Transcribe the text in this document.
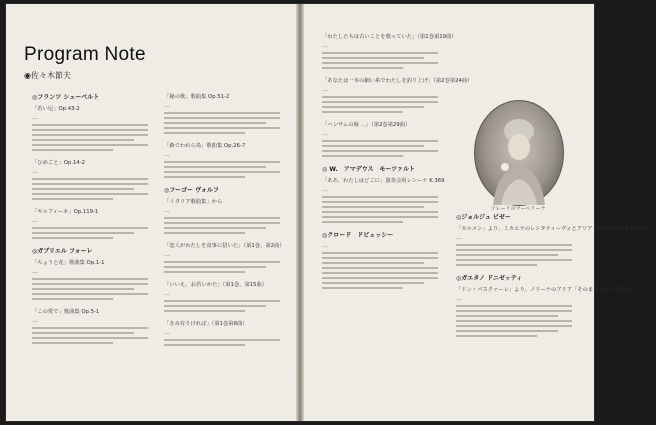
Program Note
◉佐々木節夫

◎フランツ シューベルト

「若い尼」Op.43-2

…

「ひめごと」Op.14-2

…

「ギルフィーネ」Op.119-1

…

◎ガブリエル フォーレ

「ちょうと花」歌曲集 Op.1-1

…

「この愛で」歌曲集 Op.5-1

…

「秘の歌」歌曲集 Op.51-2

…

「森でわれら鳥」歌曲集 Op.26-7

…

◎フーゴー ヴォルフ

「イタリア歌曲集」から

…

「恋人がわたしを食事に招いた」（第1巻、第2曲）

…

「いいえ、お若いかた」（第1巻、第15曲）

…

「きみ有りければ」（第1巻第8曲）

…

「わたしたちは古いことを歌っていた」（第1巻第19曲）

…

「あなたは一本の細い糸でわたしを釣り上げ」（第2巻第24曲）

…

「ハンサムの娘 …」（第2巻第29曲）

…

◎ W.　アマデウス　モーツァルト

「ああ、わたしはどこに」演奏会用レシーテ K.369

…

◎クロード　ドビュッシー

…

ソレーリのマーベリーナ

◎ジョルジュ ビゼー

「カルメン」より、ミカエラのレシタティーヴォとアリア「何も恐れるものはない」

…

◎ガエタノ ドニゼッティ

「ドン・パスクァーレ」より、ノリーナのアリア「そのまなざしに小鳥は」

…
